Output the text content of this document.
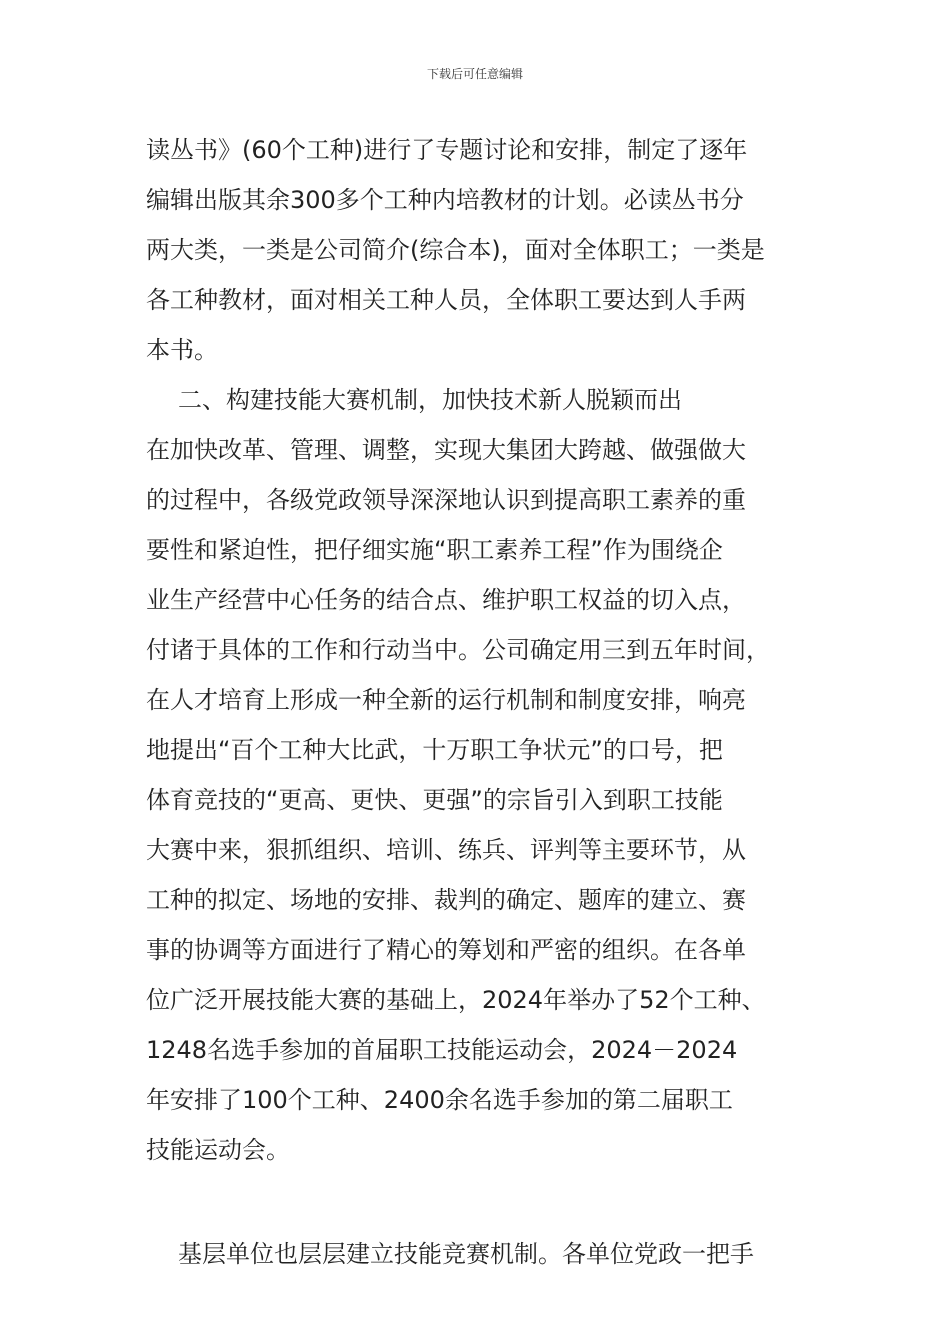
下载后可任意编辑
读丛书》(60个工种)进行了专题讨论和安排，制定了逐年
编辑出版其余300多个工种内培教材的计划。必读丛书分
两大类，一类是公司简介(综合本)，面对全体职工；一类是
各工种教材，面对相关工种人员，全体职工要达到人手两
本书。
二、构建技能大赛机制，加快技术新人脱颖而出
在加快改革、管理、调整，实现大集团大跨越、做强做大
的过程中，各级党政领导深深地认识到提高职工素养的重
要性和紧迫性，把仔细实施“职工素养工程”作为围绕企
业生产经营中心任务的结合点、维护职工权益的切入点，
付诸于具体的工作和行动当中。公司确定用三到五年时间，
在人才培育上形成一种全新的运行机制和制度安排，响亮
地提出“百个工种大比武，十万职工争状元”的口号，把
体育竞技的“更高、更快、更强”的宗旨引入到职工技能
大赛中来，狠抓组织、培训、练兵、评判等主要环节，从
工种的拟定、场地的安排、裁判的确定、题库的建立、赛
事的协调等方面进行了精心的筹划和严密的组织。在各单
位广泛开展技能大赛的基础上，2024年举办了52个工种、
1248名选手参加的首届职工技能运动会，2024－2024
年安排了100个工种、2400余名选手参加的第二届职工
技能运动会。
基层单位也层层建立技能竞赛机制。各单位党政一把手
